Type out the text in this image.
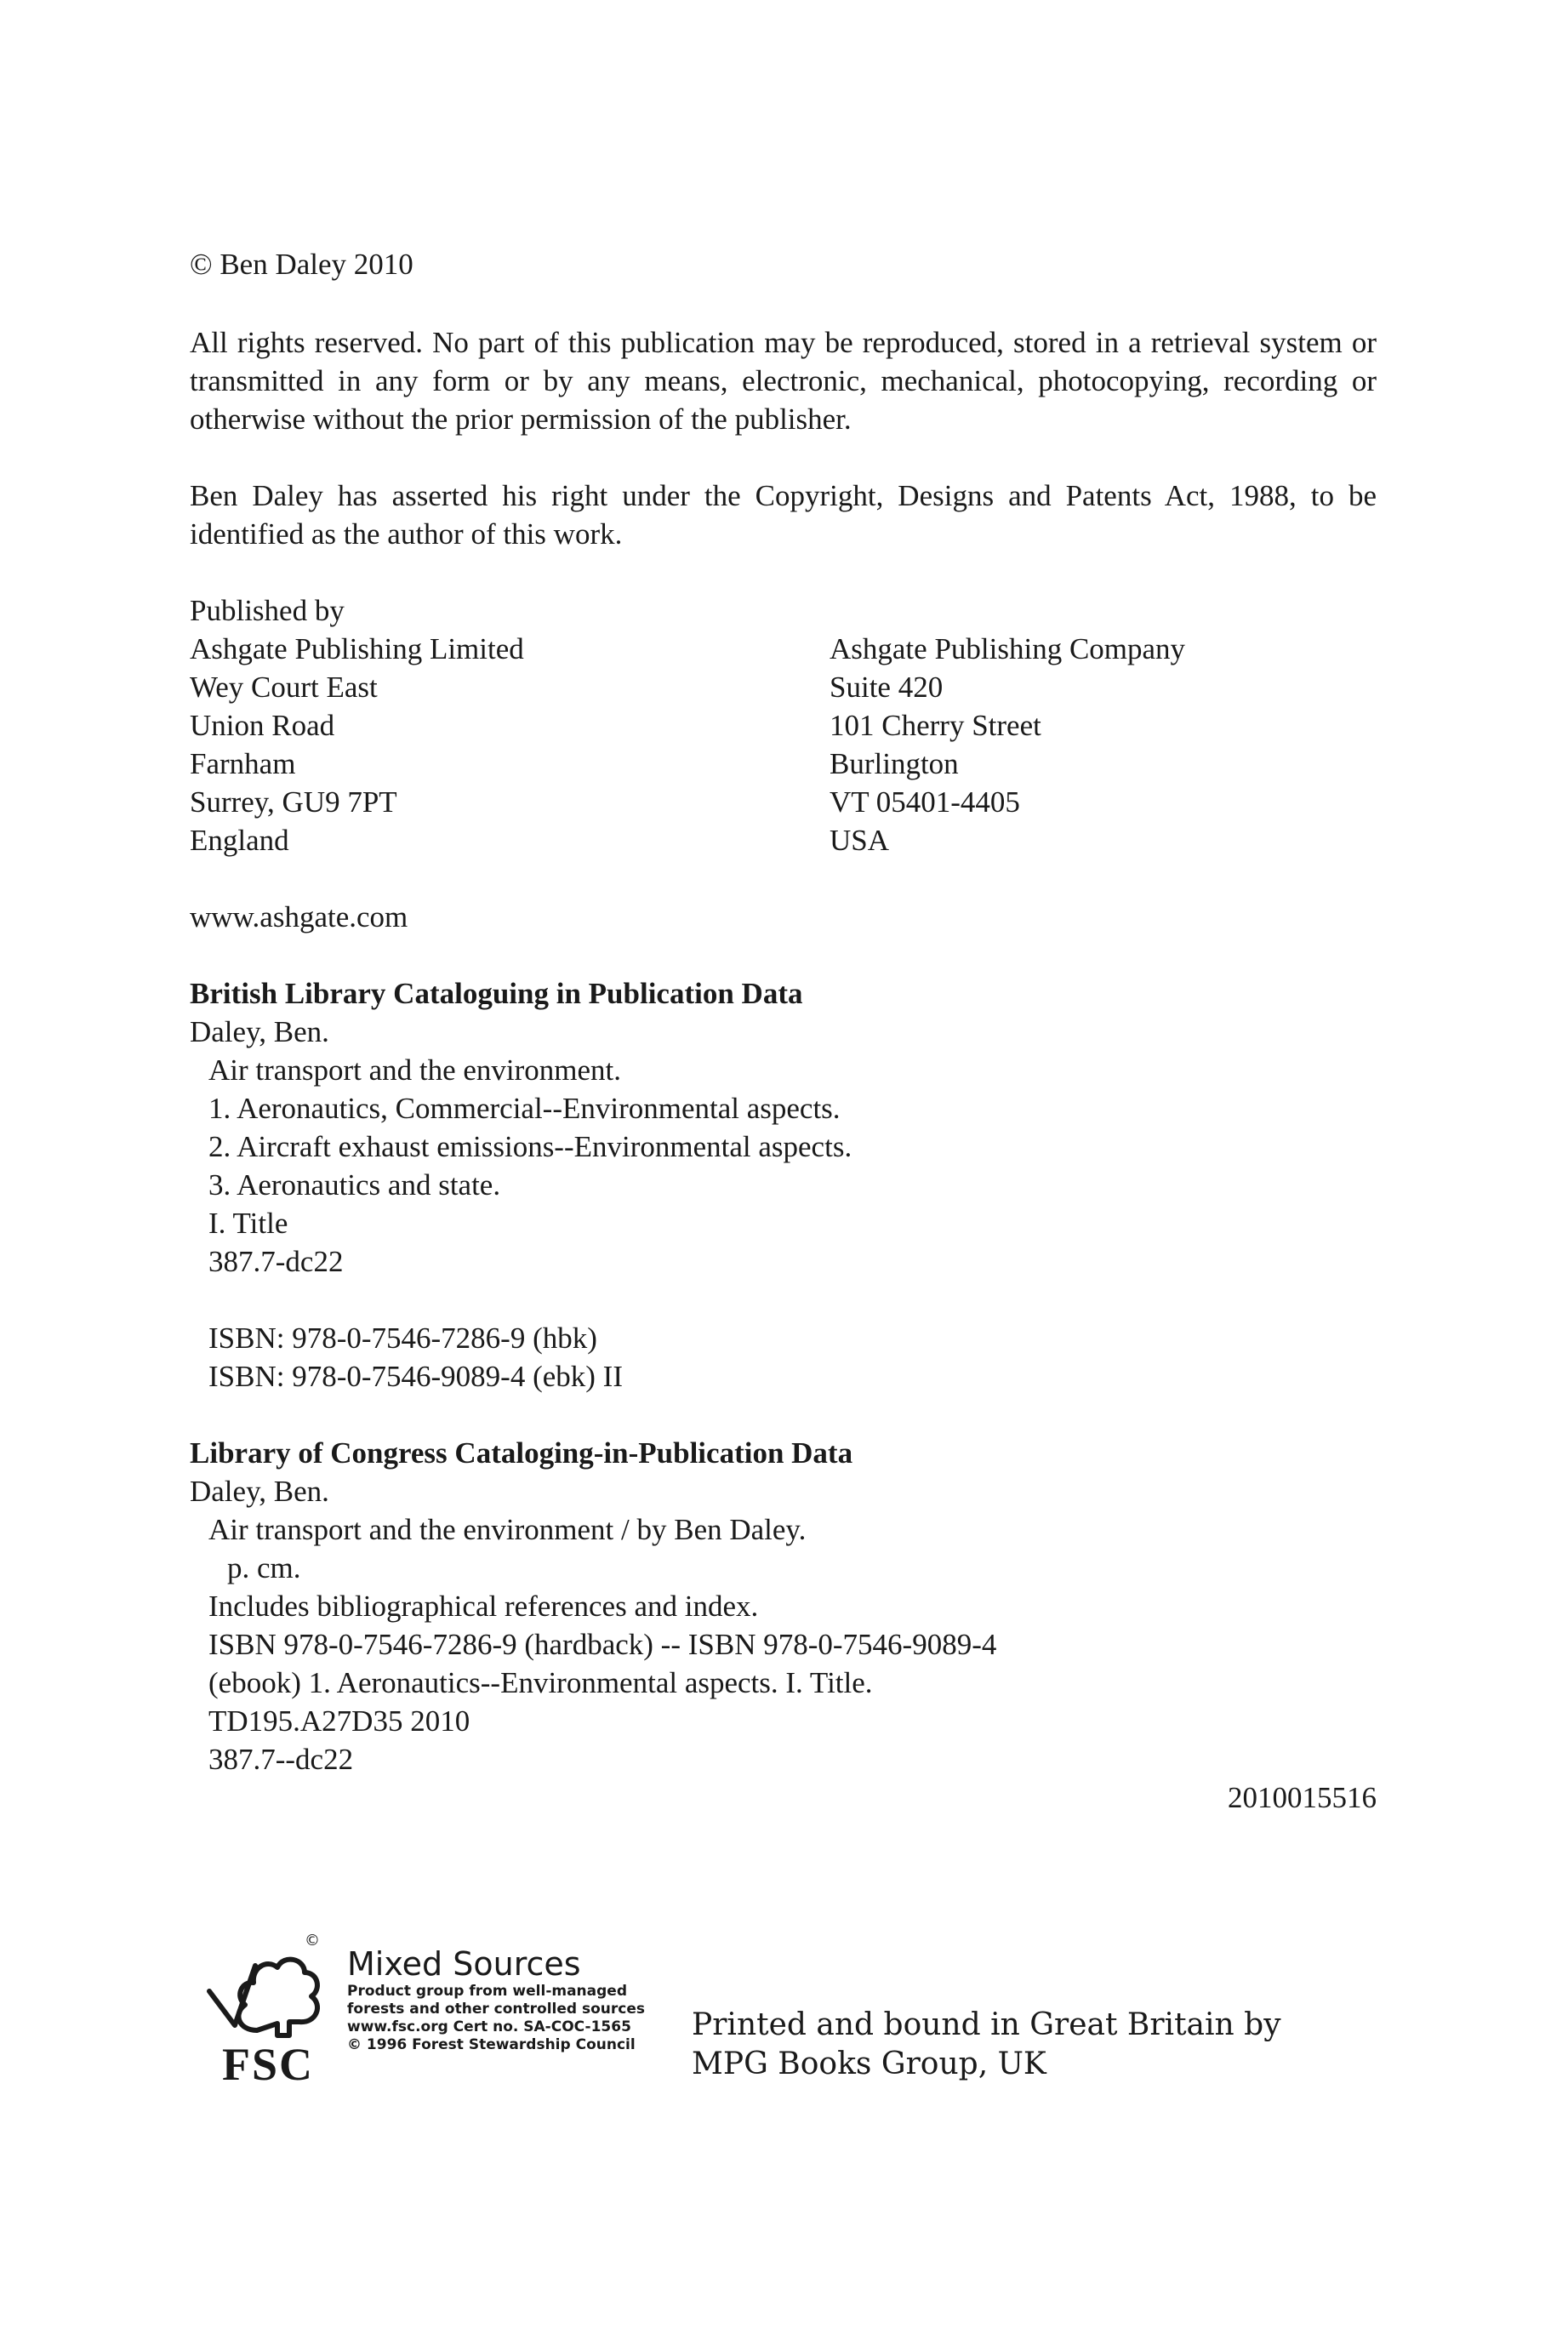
© Ben Daley 2010

All rights reserved. No part of this publication may be reproduced, stored in a retrieval system or transmitted in any form or by any means, electronic, mechanical, photocopying, recording or otherwise without the prior permission of the publisher.

Ben Daley has asserted his right under the Copyright, Designs and Patents Act, 1988, to be identified as the author of this work.

Published by

Ashgate Publishing Limited
Wey Court East
Union Road
Farnham
Surrey, GU9 7PT
England
Ashgate Publishing Company
Suite 420
101 Cherry Street
Burlington
VT 05401-4405
USA

www.ashgate.com

British Library Cataloguing in Publication Data
Daley, Ben.
Air transport and the environment.
1. Aeronautics, Commercial--Environmental aspects.
2. Aircraft exhaust emissions--Environmental aspects.
3. Aeronautics and state.
I. Title
387.7-dc22
ISBN: 978-0-7546-7286-9 (hbk)
ISBN: 978-0-7546-9089-4 (ebk) II
Library of Congress Cataloging-in-Publication Data
Daley, Ben.
Air transport and the environment / by Ben Daley.
p. cm.
Includes bibliographical references and index.
ISBN 978-0-7546-7286-9 (hardback) -- ISBN 978-0-7546-9089-4
(ebook) 1. Aeronautics--Environmental aspects. I. Title.
TD195.A27D35 2010
387.7--dc22
2010015516
©
FSC
Mixed Sources
Product group from well-managed
forests and other controlled sources
www.fsc.org Cert no. SA-COC-1565
© 1996 Forest Stewardship Council
Printed and bound in Great Britain by
MPG Books Group, UK
